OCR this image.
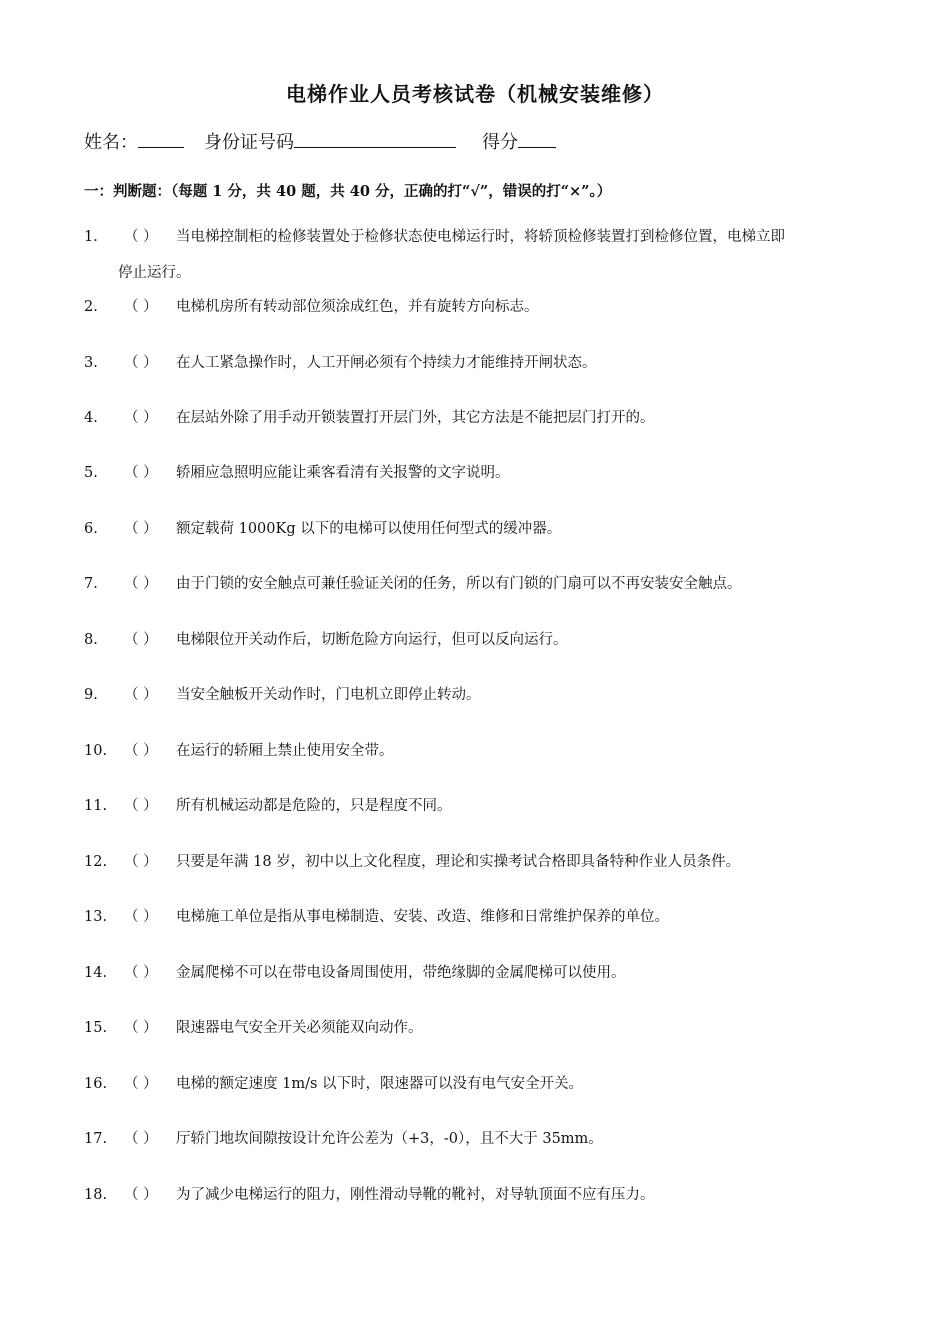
电梯作业人员考核试卷（机械安装维修）
姓名：	身份证号码	得分
一：判断题：（每题 1 分，共 40 题，共 40 分，正确的打“√”，错误的打“×”。）
1. （ ） 当电梯控制柜的检修装置处于检修状态使电梯运行时，将轿顶检修装置打到检修位置，电梯立即
停止运行。
2. （ ） 电梯机房所有转动部位须涂成红色，并有旋转方向标志。
3. （ ） 在人工紧急操作时，人工开闸必须有个持续力才能维持开闸状态。
4. （ ） 在层站外除了用手动开锁装置打开层门外，其它方法是不能把层门打开的。
5. （ ） 轿厢应急照明应能让乘客看清有关报警的文字说明。
6. （ ） 额定载荷 1000Kg 以下的电梯可以使用任何型式的缓冲器。
7. （ ） 由于门锁的安全触点可兼任验证关闭的任务，所以有门锁的门扇可以不再安装安全触点。
8. （ ） 电梯限位开关动作后，切断危险方向运行，但可以反向运行。
9. （ ） 当安全触板开关动作时，门电机立即停止转动。
10. （ ） 在运行的轿厢上禁止使用安全带。
11. （ ） 所有机械运动都是危险的，只是程度不同。
12. （ ） 只要是年满 18 岁，初中以上文化程度，理论和实操考试合格即具备特种作业人员条件。
13. （ ） 电梯施工单位是指从事电梯制造、安装、改造、维修和日常维护保养的单位。
14. （ ） 金属爬梯不可以在带电设备周围使用，带绝缘脚的金属爬梯可以使用。
15. （ ） 限速器电气安全开关必须能双向动作。
16. （ ） 电梯的额定速度 1m/s 以下时，限速器可以没有电气安全开关。
17. （ ） 厅轿门地坎间隙按设计允许公差为（+3，-0），且不大于 35mm。
18. （ ） 为了减少电梯运行的阻力，刚性滑动导靴的靴衬，对导轨顶面不应有压力。
